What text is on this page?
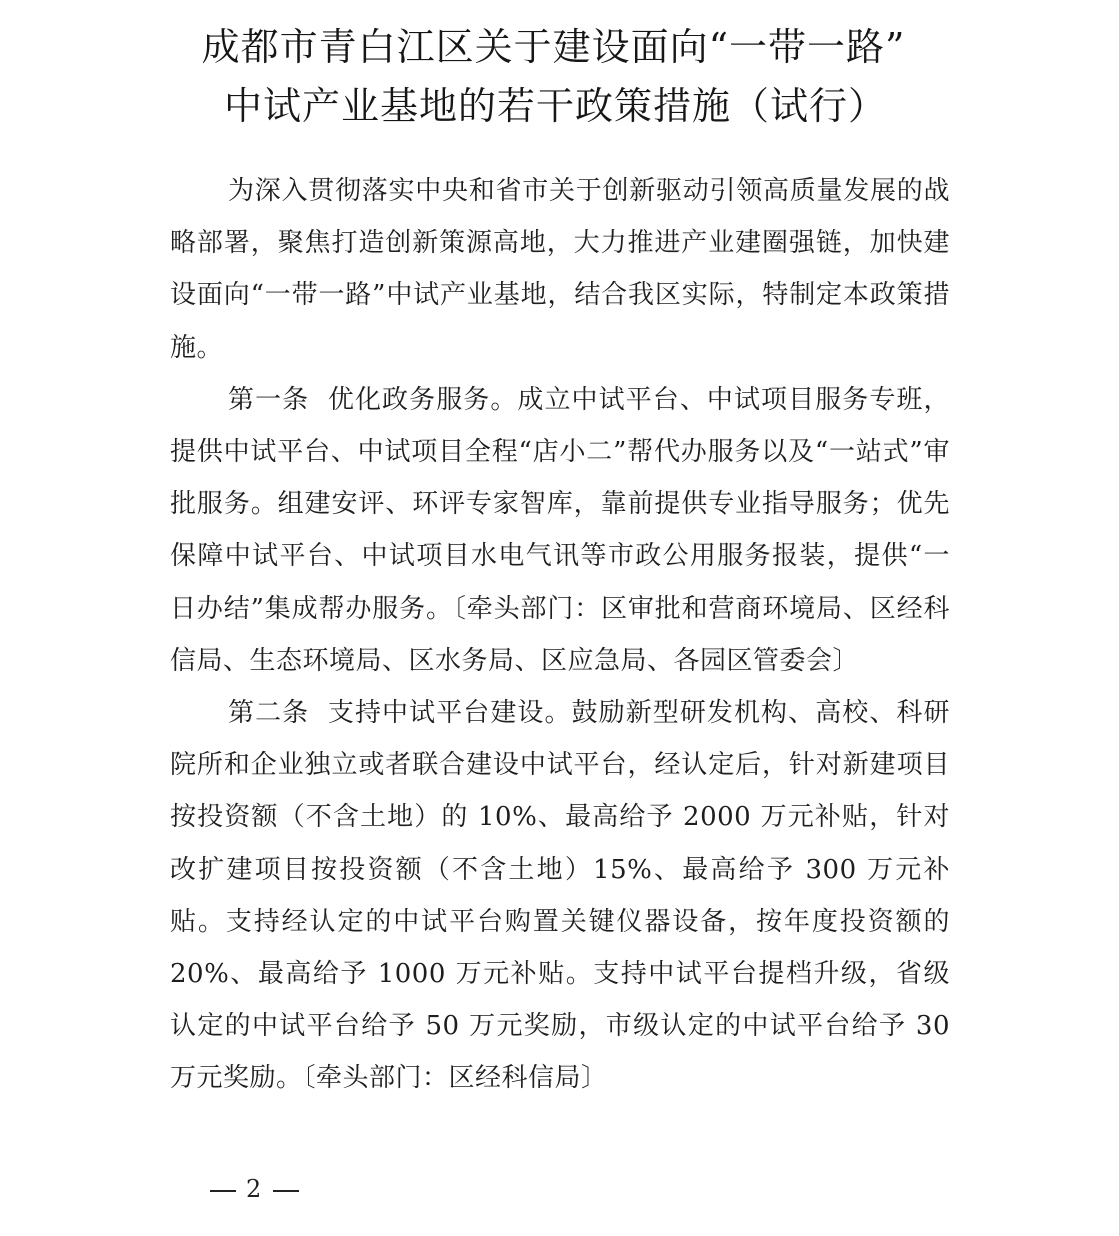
成都市青白江区关于建设面向“一带一路”
中试产业基地的若干政策措施（试行）

为深入贯彻落实中央和省市关于创新驱动引领高质量发展的战略部署，聚焦打造创新策源高地，大力推进产业建圈强链，加快建设面向“一带一路”中试产业基地，结合我区实际，特制定本政策措施。

第一条 优化政务服务。成立中试平台、中试项目服务专班，提供中试平台、中试项目全程“店小二”帮代办服务以及“一站式”审批服务。组建安评、环评专家智库，靠前提供专业指导服务；优先保障中试平台、中试项目水电气讯等市政公用服务报装，提供“一日办结”集成帮办服务。〔牵头部门：区审批和营商环境局、区经科信局、生态环境局、区水务局、区应急局、各园区管委会〕

第二条 支持中试平台建设。鼓励新型研发机构、高校、科研院所和企业独立或者联合建设中试平台，经认定后，针对新建项目按投资额（不含土地）的 10%、最高给予 2000 万元补贴，针对改扩建项目按投资额（不含土地）15%、最高给予 300 万元补贴。支持经认定的中试平台购置关键仪器设备，按年度投资额的 20%、最高给予 1000 万元补贴。支持中试平台提档升级，省级认定的中试平台给予 50 万元奖励，市级认定的中试平台给予 30 万元奖励。〔牵头部门：区经科信局〕

2
